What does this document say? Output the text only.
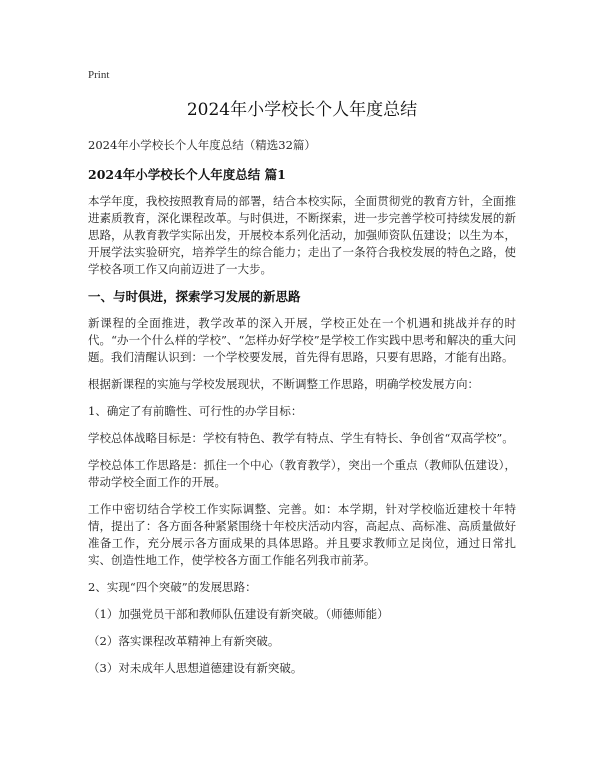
Print
2024年小学校长个人年度总结
2024年小学校长个人年度总结（精选32篇）
2024年小学校长个人年度总结 篇1

本学年度，我校按照教育局的部署，结合本校实际，全面贯彻党的教育方针，全面推进素质教育，深化课程改革。与时俱进，不断探索，进一步完善学校可持续发展的新思路，从教育教学实际出发，开展校本系列化活动，加强师资队伍建设；以生为本，开展学法实验研究，培养学生的综合能力；走出了一条符合我校发展的特色之路，使学校各项工作又向前迈进了一大步。

一、与时俱进，探索学习发展的新思路

新课程的全面推进，教学改革的深入开展，学校正处在一个机遇和挑战并存的时代。“办一个什么样的学校”、“怎样办好学校”是学校工作实践中思考和解决的重大问题。我们清醒认识到：一个学校要发展，首先得有思路，只要有思路，才能有出路。

根据新课程的实施与学校发展现状，不断调整工作思路，明确学校发展方向：

1、确定了有前瞻性、可行性的办学目标：

学校总体战略目标是：学校有特色、教学有特点、学生有特长、争创省“双高学校”。

学校总体工作思路是：抓住一个中心（教育教学），突出一个重点（教师队伍建设），带动学校全面工作的开展。

工作中密切结合学校工作实际调整、完善。如：本学期，针对学校临近建校十年特情，提出了：各方面各种紧紧围绕十年校庆活动内容，高起点、高标准、高质量做好准备工作，充分展示各方面成果的具体思路。并且要求教师立足岗位，通过日常扎实、创造性地工作，使学校各方面工作能名列我市前茅。

2、实现“四个突破”的发展思路：

（1）加强党员干部和教师队伍建设有新突破。（师德师能）

（2）落实课程改革精神上有新突破。

（3）对未成年人思想道德建设有新突破。
